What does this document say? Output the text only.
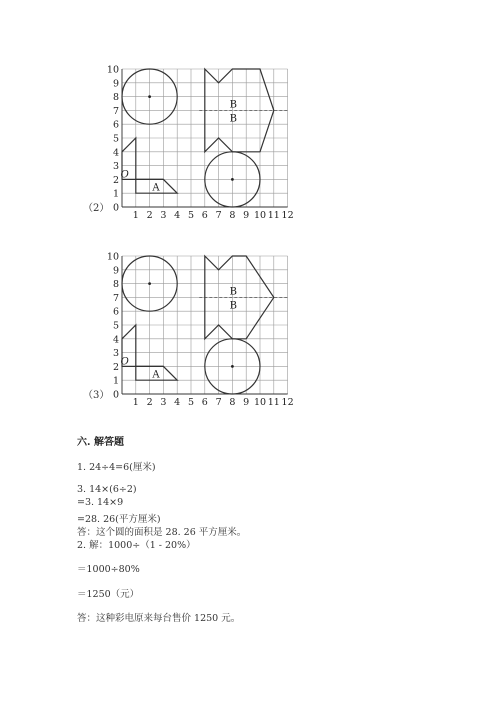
1 2 3 4 5 6 7 8 9 10 11 12
10
9
8
7
6
5
4
3
2
1
0
B
B
O
A
（2）
1 2 3 4 5 6 7 8 9 10 11 12
10
9
8
7
6
5
4
3
2
1
0
B
B
O
A
（3）
六. 解答题
1. 24÷4=6(厘米)
3. 14×(6÷2)
=3. 14×9
=28. 26(平方厘米)
答：这个圆的面积是 28. 26 平方厘米。
2. 解：1000÷（1 - 20%）
＝1000÷80%
＝1250（元）
答：这种彩电原来每台售价 1250 元。
